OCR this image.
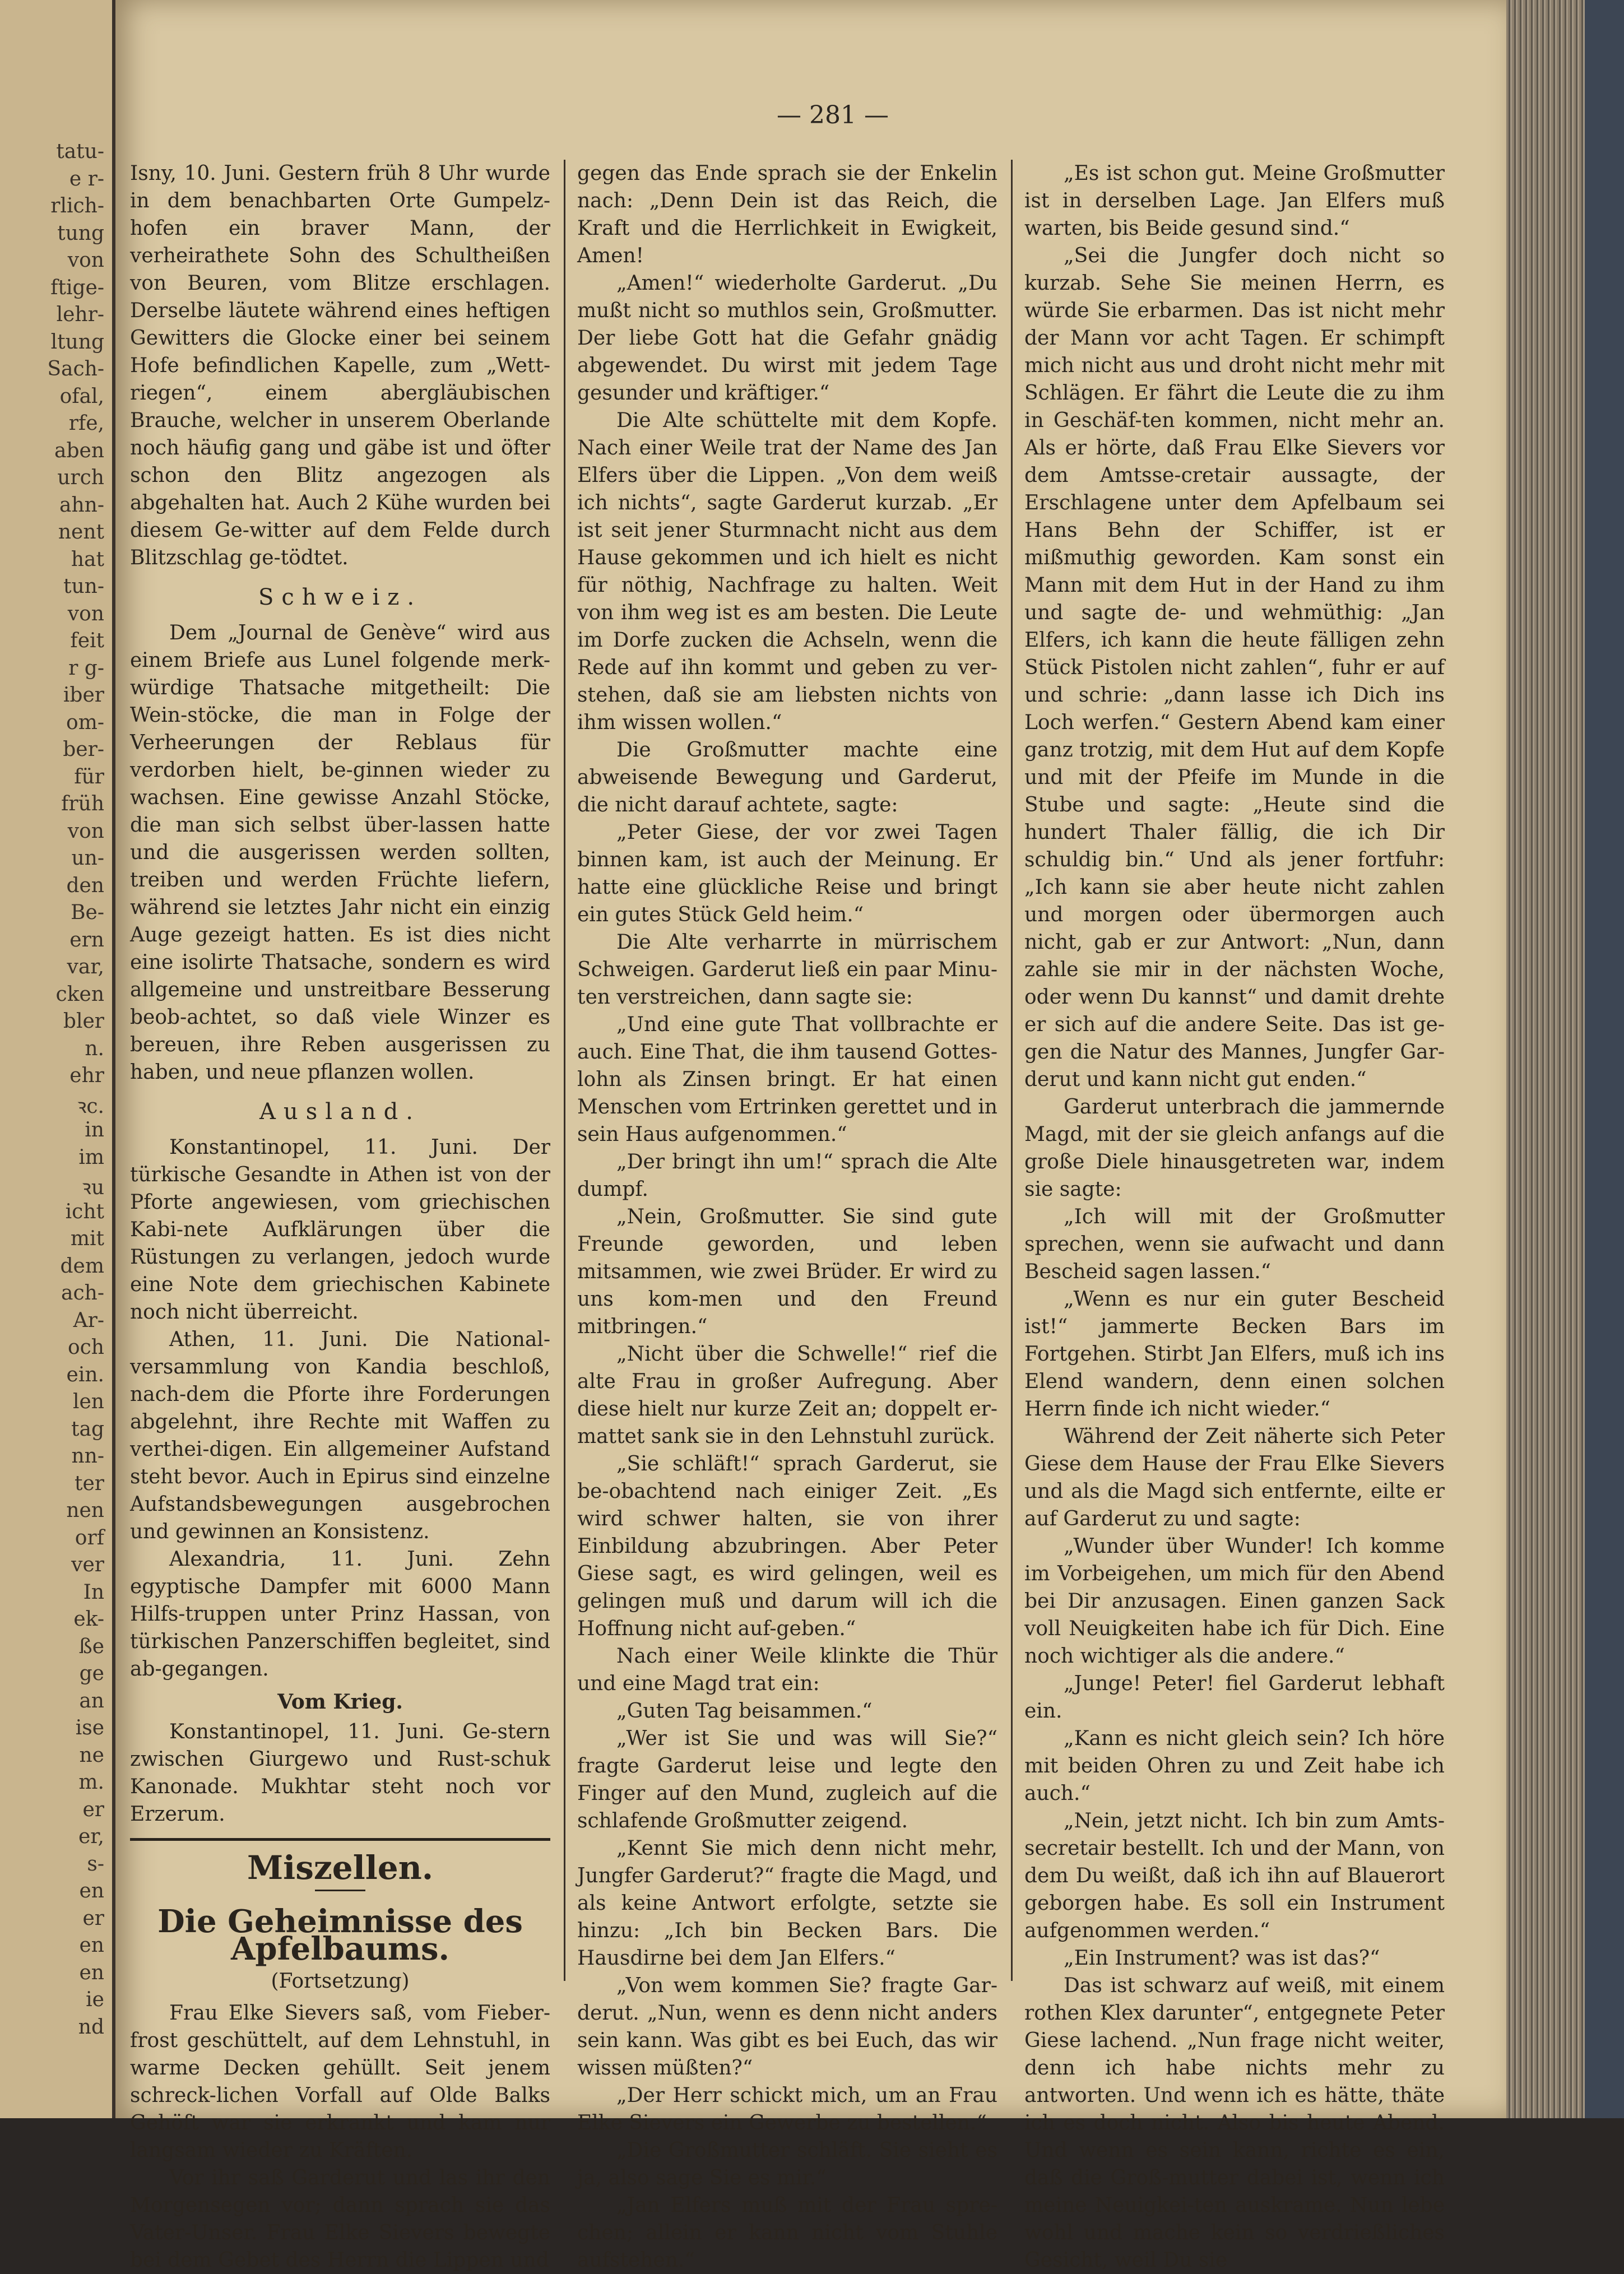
tatu-
e r-
rlich-
tung
von
ftige-
lehr-
ltung
Sach-
ofal,
rfe,
aben
urch
ahn-
nent
hat
tun-
von
feit
r g-
iber
om-
ber-
für
früh
von
un-
den
Be-
ern
var,
cken
bler
n.
ehr
ꝛc.
in
im
ꝛu
icht
mit
dem
ach-
Ar-
och
ein.
len
tag
nn-
ter
nen
orf
ver
In
ek-
ße
ge
an
ise
ne
m.
er
er,
s-
en
er
en
en
ie
nd
— 281 —

Isny, 10. Juni. Gestern früh 8 Uhr wurde in dem benachbarten Orte Gumpelz-hofen ein braver Mann, der verheirathete Sohn des Schultheißen von Beuren, vom Blitze erschlagen. Derselbe läutete während eines heftigen Gewitters die Glocke einer bei seinem Hofe befindlichen Kapelle, zum „Wett-riegen“, einem abergläubischen Brauche, welcher in unserem Oberlande noch häufig gang und gäbe ist und öfter schon den Blitz angezogen als abgehalten hat. Auch 2 Kühe wurden bei diesem Ge-witter auf dem Felde durch Blitzschlag ge-tödtet.

Schweiz.

Dem „Journal de Genève“ wird aus einem Briefe aus Lunel folgende merk-würdige Thatsache mitgetheilt: Die Wein-stöcke, die man in Folge der Verheerungen der Reblaus für verdorben hielt, be-ginnen wieder zu wachsen. Eine gewisse Anzahl Stöcke, die man sich selbst über-lassen hatte und die ausgerissen werden sollten, treiben und werden Früchte liefern, während sie letztes Jahr nicht ein einzig Auge gezeigt hatten. Es ist dies nicht eine isolirte Thatsache, sondern es wird allgemeine und unstreitbare Besserung beob-achtet, so daß viele Winzer es bereuen, ihre Reben ausgerissen zu haben, und neue pflanzen wollen.

Ausland.

Konstantinopel, 11. Juni. Der türkische Gesandte in Athen ist von der Pforte angewiesen, vom griechischen Kabi-nete Aufklärungen über die Rüstungen zu verlangen, jedoch wurde eine Note dem griechischen Kabinete noch nicht überreicht.

Athen, 11. Juni. Die National-versammlung von Kandia beschloß, nach-dem die Pforte ihre Forderungen abgelehnt, ihre Rechte mit Waffen zu verthei-digen. Ein allgemeiner Aufstand steht bevor. Auch in Epirus sind einzelne Aufstandsbewegungen ausgebrochen und gewinnen an Konsistenz.

Alexandria, 11. Juni. Zehn egyptische Dampfer mit 6000 Mann Hilfs-truppen unter Prinz Hassan, von türkischen Panzerschiffen begleitet, sind ab-gegangen.

Vom Krieg.

Konstantinopel, 11. Juni. Ge-stern zwischen Giurgewo und Rust-schuk Kanonade. Mukhtar steht noch vor Erzerum.

Miszellen.
Die Geheimnisse des Apfelbaums.
(Fortsetzung)

Frau Elke Sievers saß, vom Fieber-frost geschüttelt, auf dem Lehnstuhl, in warme Decken gehüllt. Seit jenem schreck-lichen Vorfall auf Olde Balks Gehöft war sie erkrankt und kam nur langsam wieder zu Kräften.

Vor ihr saß Garderut und las ihr den Morgensegen vor; dann sprach sie das Vater-Unser. Frau Elke Sievers bewegte bei dem Gebet des Herrn die Lippen und

gegen das Ende sprach sie der Enkelin nach: „Denn Dein ist das Reich, die Kraft und die Herrlichkeit in Ewigkeit, Amen!

„Amen!“ wiederholte Garderut. „Du mußt nicht so muthlos sein, Großmutter. Der liebe Gott hat die Gefahr gnädig abgewendet. Du wirst mit jedem Tage gesunder und kräftiger.“

Die Alte schüttelte mit dem Kopfe. Nach einer Weile trat der Name des Jan Elfers über die Lippen. „Von dem weiß ich nichts“, sagte Garderut kurzab. „Er ist seit jener Sturmnacht nicht aus dem Hause gekommen und ich hielt es nicht für nöthig, Nachfrage zu halten. Weit von ihm weg ist es am besten. Die Leute im Dorfe zucken die Achseln, wenn die Rede auf ihn kommt und geben zu ver-stehen, daß sie am liebsten nichts von ihm wissen wollen.“

Die Großmutter machte eine abweisende Bewegung und Garderut, die nicht darauf achtete, sagte:

„Peter Giese, der vor zwei Tagen binnen kam, ist auch der Meinung. Er hatte eine glückliche Reise und bringt ein gutes Stück Geld heim.“

Die Alte verharrte in mürrischem Schweigen. Garderut ließ ein paar Minu-ten verstreichen, dann sagte sie:

„Und eine gute That vollbrachte er auch. Eine That, die ihm tausend Gottes-lohn als Zinsen bringt. Er hat einen Menschen vom Ertrinken gerettet und in sein Haus aufgenommen.“

„Der bringt ihn um!“ sprach die Alte dumpf.

„Nein, Großmutter. Sie sind gute Freunde geworden, und leben mitsammen, wie zwei Brüder. Er wird zu uns kom-men und den Freund mitbringen.“

„Nicht über die Schwelle!“ rief die alte Frau in großer Aufregung. Aber diese hielt nur kurze Zeit an; doppelt er-mattet sank sie in den Lehnstuhl zurück.

„Sie schläft!“ sprach Garderut, sie be-obachtend nach einiger Zeit. „Es wird schwer halten, sie von ihrer Einbildung abzubringen. Aber Peter Giese sagt, es wird gelingen, weil es gelingen muß und darum will ich die Hoffnung nicht auf-geben.“

Nach einer Weile klinkte die Thür und eine Magd trat ein:

„Guten Tag beisammen.“

„Wer ist Sie und was will Sie?“ fragte Garderut leise und legte den Finger auf den Mund, zugleich auf die schlafende Großmutter zeigend.

„Kennt Sie mich denn nicht mehr, Jungfer Garderut?“ fragte die Magd, und als keine Antwort erfolgte, setzte sie hinzu: „Ich bin Becken Bars. Die Hausdirne bei dem Jan Elfers.“

„Von wem kommen Sie? fragte Gar-derut. „Nun, wenn es denn nicht anders sein kann. Was gibt es bei Euch, das wir wissen müßten?“

„Der Herr schickt mich, um an Frau Elke Sievers ein Gewerbe zu bestellen.“

„Die Großmutter schläft. Sie sieht es ja, also sage Sie es mir.“

„Jan Elfers muß mit der Frau spre-chen; allein er kann nicht vom Stuhle aufstehen.“

„Es ist schon gut. Meine Großmutter ist in derselben Lage. Jan Elfers muß warten, bis Beide gesund sind.“

„Sei die Jungfer doch nicht so kurzab. Sehe Sie meinen Herrn, es würde Sie erbarmen. Das ist nicht mehr der Mann vor acht Tagen. Er schimpft mich nicht aus und droht nicht mehr mit Schlägen. Er fährt die Leute die zu ihm in Geschäf-ten kommen, nicht mehr an. Als er hörte, daß Frau Elke Sievers vor dem Amtsse-cretair aussagte, der Erschlagene unter dem Apfelbaum sei Hans Behn der Schiffer, ist er mißmuthig geworden. Kam sonst ein Mann mit dem Hut in der Hand zu ihm und sagte de- und wehmüthig: „Jan Elfers, ich kann die heute fälligen zehn Stück Pistolen nicht zahlen“, fuhr er auf und schrie: „dann lasse ich Dich ins Loch werfen.“ Gestern Abend kam einer ganz trotzig, mit dem Hut auf dem Kopfe und mit der Pfeife im Munde in die Stube und sagte: „Heute sind die hundert Thaler fällig, die ich Dir schuldig bin.“ Und als jener fortfuhr: „Ich kann sie aber heute nicht zahlen und morgen oder übermorgen auch nicht, gab er zur Antwort: „Nun, dann zahle sie mir in der nächsten Woche, oder wenn Du kannst“ und damit drehte er sich auf die andere Seite. Das ist ge-gen die Natur des Mannes, Jungfer Gar-derut und kann nicht gut enden.“

Garderut unterbrach die jammernde Magd, mit der sie gleich anfangs auf die große Diele hinausgetreten war, indem sie sagte:

„Ich will mit der Großmutter sprechen, wenn sie aufwacht und dann Bescheid sagen lassen.“

„Wenn es nur ein guter Bescheid ist!“ jammerte Becken Bars im Fortgehen. Stirbt Jan Elfers, muß ich ins Elend wandern, denn einen solchen Herrn finde ich nicht wieder.“

Während der Zeit näherte sich Peter Giese dem Hause der Frau Elke Sievers und als die Magd sich entfernte, eilte er auf Garderut zu und sagte:

„Wunder über Wunder! Ich komme im Vorbeigehen, um mich für den Abend bei Dir anzusagen. Einen ganzen Sack voll Neuigkeiten habe ich für Dich. Eine noch wichtiger als die andere.“

„Junge! Peter! fiel Garderut lebhaft ein.

„Kann es nicht gleich sein? Ich höre mit beiden Ohren zu und Zeit habe ich auch.“

„Nein, jetzt nicht. Ich bin zum Amts-secretair bestellt. Ich und der Mann, von dem Du weißt, daß ich ihn auf Blauerort geborgen habe. Es soll ein Instrument aufgenommen werden.“

„Ein Instrument? was ist das?“

Das ist schwarz auf weiß, mit einem rothen Klex darunter“, entgegnete Peter Giese lachend. „Nun frage nicht weiter, denn ich habe nichts mehr zu antworten. Und wenn ich es hätte, thäte ich es doch nicht. Also bis heute Abend. Und wenn es sein kann, richte es ein, daß die Groß-mutter dabei ist, wenn ich meine Neuigkei-ten auskrame. Nun lebe wohl und mache kein so verdrießliches Gesicht, weil Du sie
